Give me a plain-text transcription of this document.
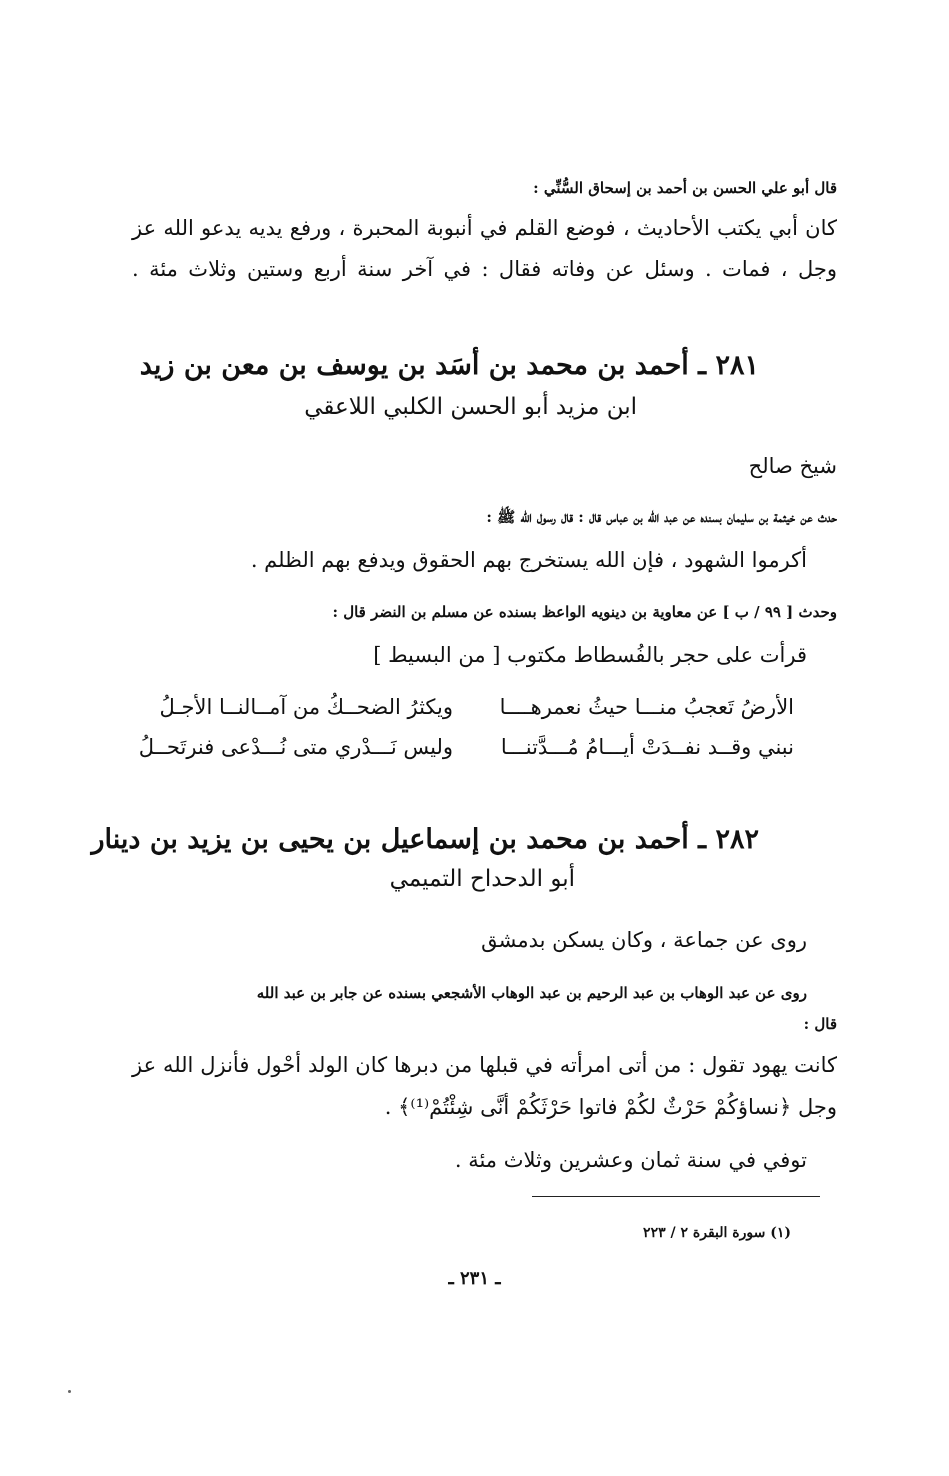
قال أبو علي الحسن بن أحمد بن إسحاق السُّنِّي :

كان أبي يكتب الأحاديث ، فوضع القلم في أنبوبة المحبرة ، ورفع يديه يدعو الله عز

وجل ، فمات . وسئل عن وفاته فقال : في آخر سنة أربع وستين وثلاث مئة .

٢٨١ ـ أحمد بن محمد بن أسَد بن يوسف بن معن بن زيد

ابن مزيد أبو الحسن الكلبي اللاعقي

شيخ صالح

حدث عن خيثمة بن سليمان بسنده عن عبد الله بن عباس قال : قال رسول الله ﷺ :

أكرموا الشهود ، فإن الله يستخرج بهم الحقوق ويدفع بهم الظلم .

وحدث [ ٩٩ / ب ] عن معاوية بن دينويه الواعظ بسنده عن مسلم بن النضر قال :

قرأت على حجر بالفُسطاط مكتوب [ من البسيط ]

الأرضُ تَعجبُ منـــا حيثُ نعمرهــــا
ويكثرُ الضحــكُ من آمــالنــا الأجـلُ
نبني وقــد نفــدَتْ أيـــامُ مُـــدَّتنـــا
وليس نَـــدْري متى نُـــدْعى فنرتَحــلُ
٢٨٢ ـ أحمد بن محمد بن إسماعيل بن يحيى بن يزيد بن دينار

أبو الدحداح التميمي

روى عن جماعة ، وكان يسكن بدمشق

روى عن عبد الوهاب بن عبد الرحيم بن عبد الوهاب الأشجعي بسنده عن جابر بن عبد الله

قال :

كانت يهود تقول : من أتى امرأته في قبلها من دبرها كان الولد أحْول فأنزل الله عز

وجل ﴿نساؤكُمْ حَرْثٌ لكُمْ فاتوا حَرْثَكُمْ أنَّى شِئْتُمْ⁽¹⁾﴾ .

توفي في سنة ثمان وعشرين وثلاث مئة .

(١) سورة البقرة ٢ / ٢٢٣

ـ ٢٣١ ـ
